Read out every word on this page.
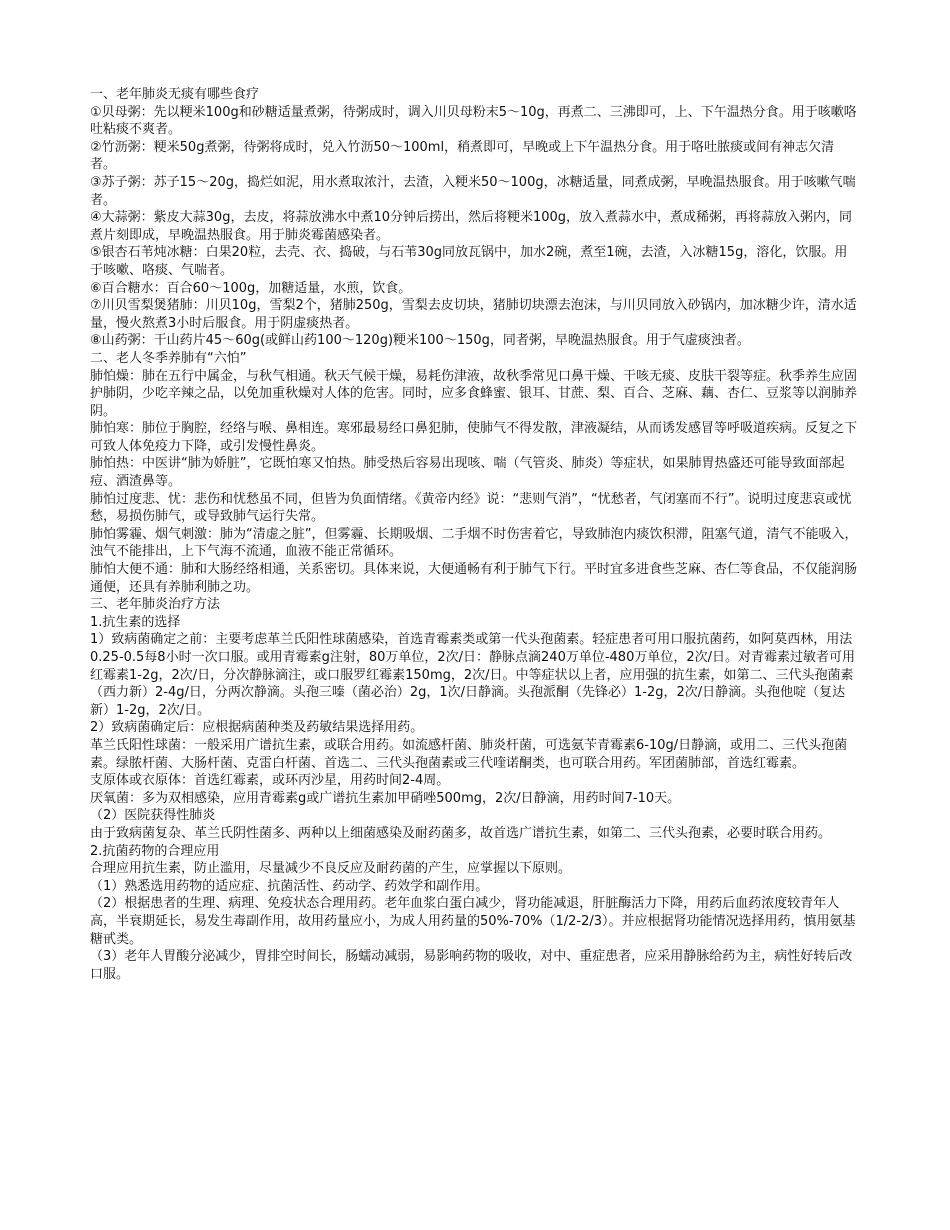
一、老年肺炎无痰有哪些食疗

①贝母粥：先以粳米100g和砂糖适量煮粥，待粥成时，调入川贝母粉末5～10g，再煮二、三沸即可，上、下午温热分食。用于咳嗽咯吐粘痰不爽者。

②竹沥粥：粳米50g煮粥，待粥将成时，兑入竹沥50～100ml，稍煮即可，早晚或上下午温热分食。用于咯吐脓痰或间有神志欠清者。

③苏子粥：苏子15～20g，捣烂如泥，用水煮取浓汁，去渣，入粳米50～100g，冰糖适量，同煮成粥，早晚温热服食。用于咳嗽气喘者。

④大蒜粥：紫皮大蒜30g，去皮，将蒜放沸水中煮10分钟后捞出，然后将粳米100g，放入煮蒜水中，煮成稀粥，再将蒜放入粥内，同煮片刻即成，早晚温热服食。用于肺炎霉菌感染者。

⑤银杏石苇炖冰糖：白果20粒，去壳、衣、捣破，与石苇30g同放瓦锅中，加水2碗，煮至1碗，去渣，入冰糖15g，溶化，饮服。用于咳嗽、咯痰、气喘者。

⑥百合糖水：百合60～100g，加糖适量，水煎，饮食。

⑦川贝雪梨煲猪肺：川贝10g，雪梨2个，猪肺250g，雪梨去皮切块，猪肺切块漂去泡沫，与川贝同放入砂锅内，加冰糖少许，清水适量，慢火熬煮3小时后服食。用于阴虚痰热者。

⑧山药粥：干山药片45～60g(或鲜山药100～120g)粳米100～150g，同者粥，早晚温热服食。用于气虚痰浊者。

二、老人冬季养肺有“六怕”

肺怕燥：肺在五行中属金，与秋气相通。秋天气候干燥，易耗伤津液，故秋季常见口鼻干燥、干咳无痰、皮肤干裂等症。秋季养生应固护肺阴，少吃辛辣之品，以免加重秋燥对人体的危害。同时，应多食蜂蜜、银耳、甘蔗、梨、百合、芝麻、藕、杏仁、豆浆等以润肺养阴。

肺怕寒：肺位于胸腔，经络与喉、鼻相连。寒邪最易经口鼻犯肺，使肺气不得发散，津液凝结，从而诱发感冒等呼吸道疾病。反复之下可致人体免疫力下降，或引发慢性鼻炎。

肺怕热：中医讲“肺为娇脏”，它既怕寒又怕热。肺受热后容易出现咳、喘（气管炎、肺炎）等症状，如果肺胃热盛还可能导致面部起痘、酒渣鼻等。

肺怕过度悲、忧：悲伤和忧愁虽不同，但皆为负面情绪。《黄帝内经》说：“悲则气消”，“忧愁者，气闭塞而不行”。说明过度悲哀或忧愁，易损伤肺气，或导致肺气运行失常。

肺怕雾霾、烟气刺激：肺为“清虚之脏”，但雾霾、长期吸烟、二手烟不时伤害着它，导致肺泡内痰饮积滞，阻塞气道，清气不能吸入，浊气不能排出，上下气海不流通，血液不能正常循环。

肺怕大便不通：肺和大肠经络相通，关系密切。具体来说，大便通畅有利于肺气下行。平时宜多进食些芝麻、杏仁等食品，不仅能润肠通便，还具有养肺利肺之功。

三、老年肺炎治疗方法

1.抗生素的选择

1）致病菌确定之前：主要考虑革兰氏阳性球菌感染，首选青霉素类或第一代头孢菌素。轻症患者可用口服抗菌药，如阿莫西林，用法0.25-0.5每8小时一次口服。或用青霉素g注射，80万单位，2次/日：静脉点滴240万单位-480万单位，2次/日。对青霉素过敏者可用红霉素1-2g，2次/日，分次静脉滴注，或口服罗红霉素150mg，2次/日。中等症状以上者，应用强的抗生素，如第二、三代头孢菌素（西力新）2-4g/日，分两次静滴。头孢三嗪（菌必治）2g，1次/日静滴。头孢派酮（先锋必）1-2g，2次/日静滴。头孢他啶（复达新）1-2g，2次/日。

2）致病菌确定后：应根据病菌种类及药敏结果选择用药。

革兰氏阳性球菌：一般采用广谱抗生素，或联合用药。如流感杆菌、肺炎杆菌，可选氨苄青霉素6-10g/日静滴，或用二、三代头孢菌素。绿脓杆菌、大肠杆菌、克雷白杆菌、首选二、三代头孢菌素或三代喹诺酮类，也可联合用药。军团菌肺部，首选红霉素。

支原体或衣原体：首选红霉素，或环丙沙星，用药时间2-4周。

厌氧菌：多为双相感染，应用青霉素g或广谱抗生素加甲硝唑500mg，2次/日静滴，用药时间7-10天。

（2）医院获得性肺炎

由于致病菌复杂、革兰氏阴性菌多、两种以上细菌感染及耐药菌多，故首选广谱抗生素，如第二、三代头孢素，必要时联合用药。

2.抗菌药物的合理应用

合理应用抗生素，防止滥用，尽量减少不良反应及耐药菌的产生，应掌握以下原则。

（1）熟悉选用药物的适应症、抗菌活性、药动学、药效学和副作用。

（2）根据患者的生理、病理、免疫状态合理用药。老年血浆白蛋白减少，肾功能减退，肝脏酶活力下降，用药后血药浓度较青年人高，半衰期延长，易发生毒副作用，故用药量应小，为成人用药量的50%-70%（1/2-2/3）。并应根据肾功能情况选择用药，慎用氨基糖甙类。

（3）老年人胃酸分泌减少，胃排空时间长，肠蠕动减弱，易影响药物的吸收，对中、重症患者，应采用静脉给药为主，病性好转后改口服。
